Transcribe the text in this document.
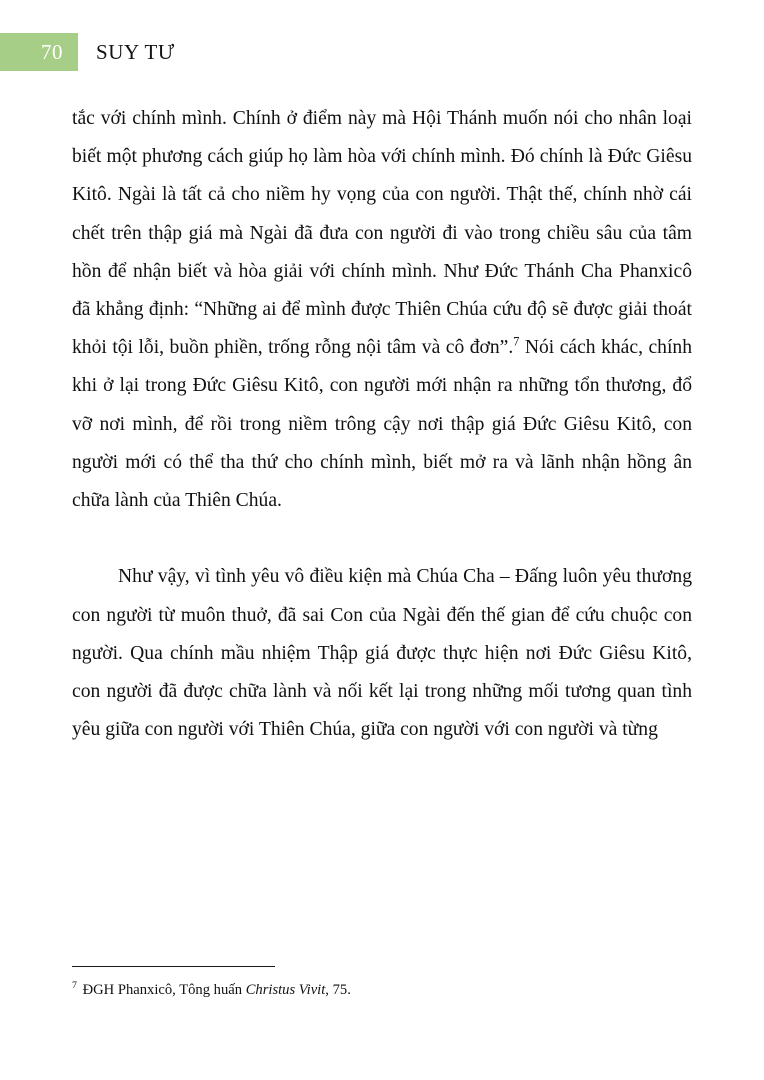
70	SUY TƯ

tắc với chính mình. Chính ở điểm này mà Hội Thánh muốn nói cho nhân loại biết một phương cách giúp họ làm hòa với chính mình. Đó chính là Đức Giêsu Kitô. Ngài là tất cả cho niềm hy vọng của con người. Thật thế, chính nhờ cái chết trên thập giá mà Ngài đã đưa con người đi vào trong chiều sâu của tâm hồn để nhận biết và hòa giải với chính mình. Như Đức Thánh Cha Phanxicô đã khẳng định: “Những ai để mình được Thiên Chúa cứu độ sẽ được giải thoát khỏi tội lỗi, buồn phiền, trống rỗng nội tâm và cô đơn”.$^7$ Nói cách khác, chính khi ở lại trong Đức Giêsu Kitô, con người mới nhận ra những tổn thương, đổ vỡ nơi mình, để rồi trong niềm trông cậy nơi thập giá Đức Giêsu Kitô, con người mới có thể tha thứ cho chính mình, biết mở ra và lãnh nhận hồng ân chữa lành của Thiên Chúa.

Như vậy, vì tình yêu vô điều kiện mà Chúa Cha – Đấng luôn yêu thương con người từ muôn thuở, đã sai Con của Ngài đến thế gian để cứu chuộc con người. Qua chính mầu nhiệm Thập giá được thực hiện nơi Đức Giêsu Kitô, con người đã được chữa lành và nối kết lại trong những mối tương quan tình yêu giữa con người với Thiên Chúa, giữa con người với con người và từng

$^7$ ĐGH Phanxicô, Tông huấn Christus Vivit, 75.
